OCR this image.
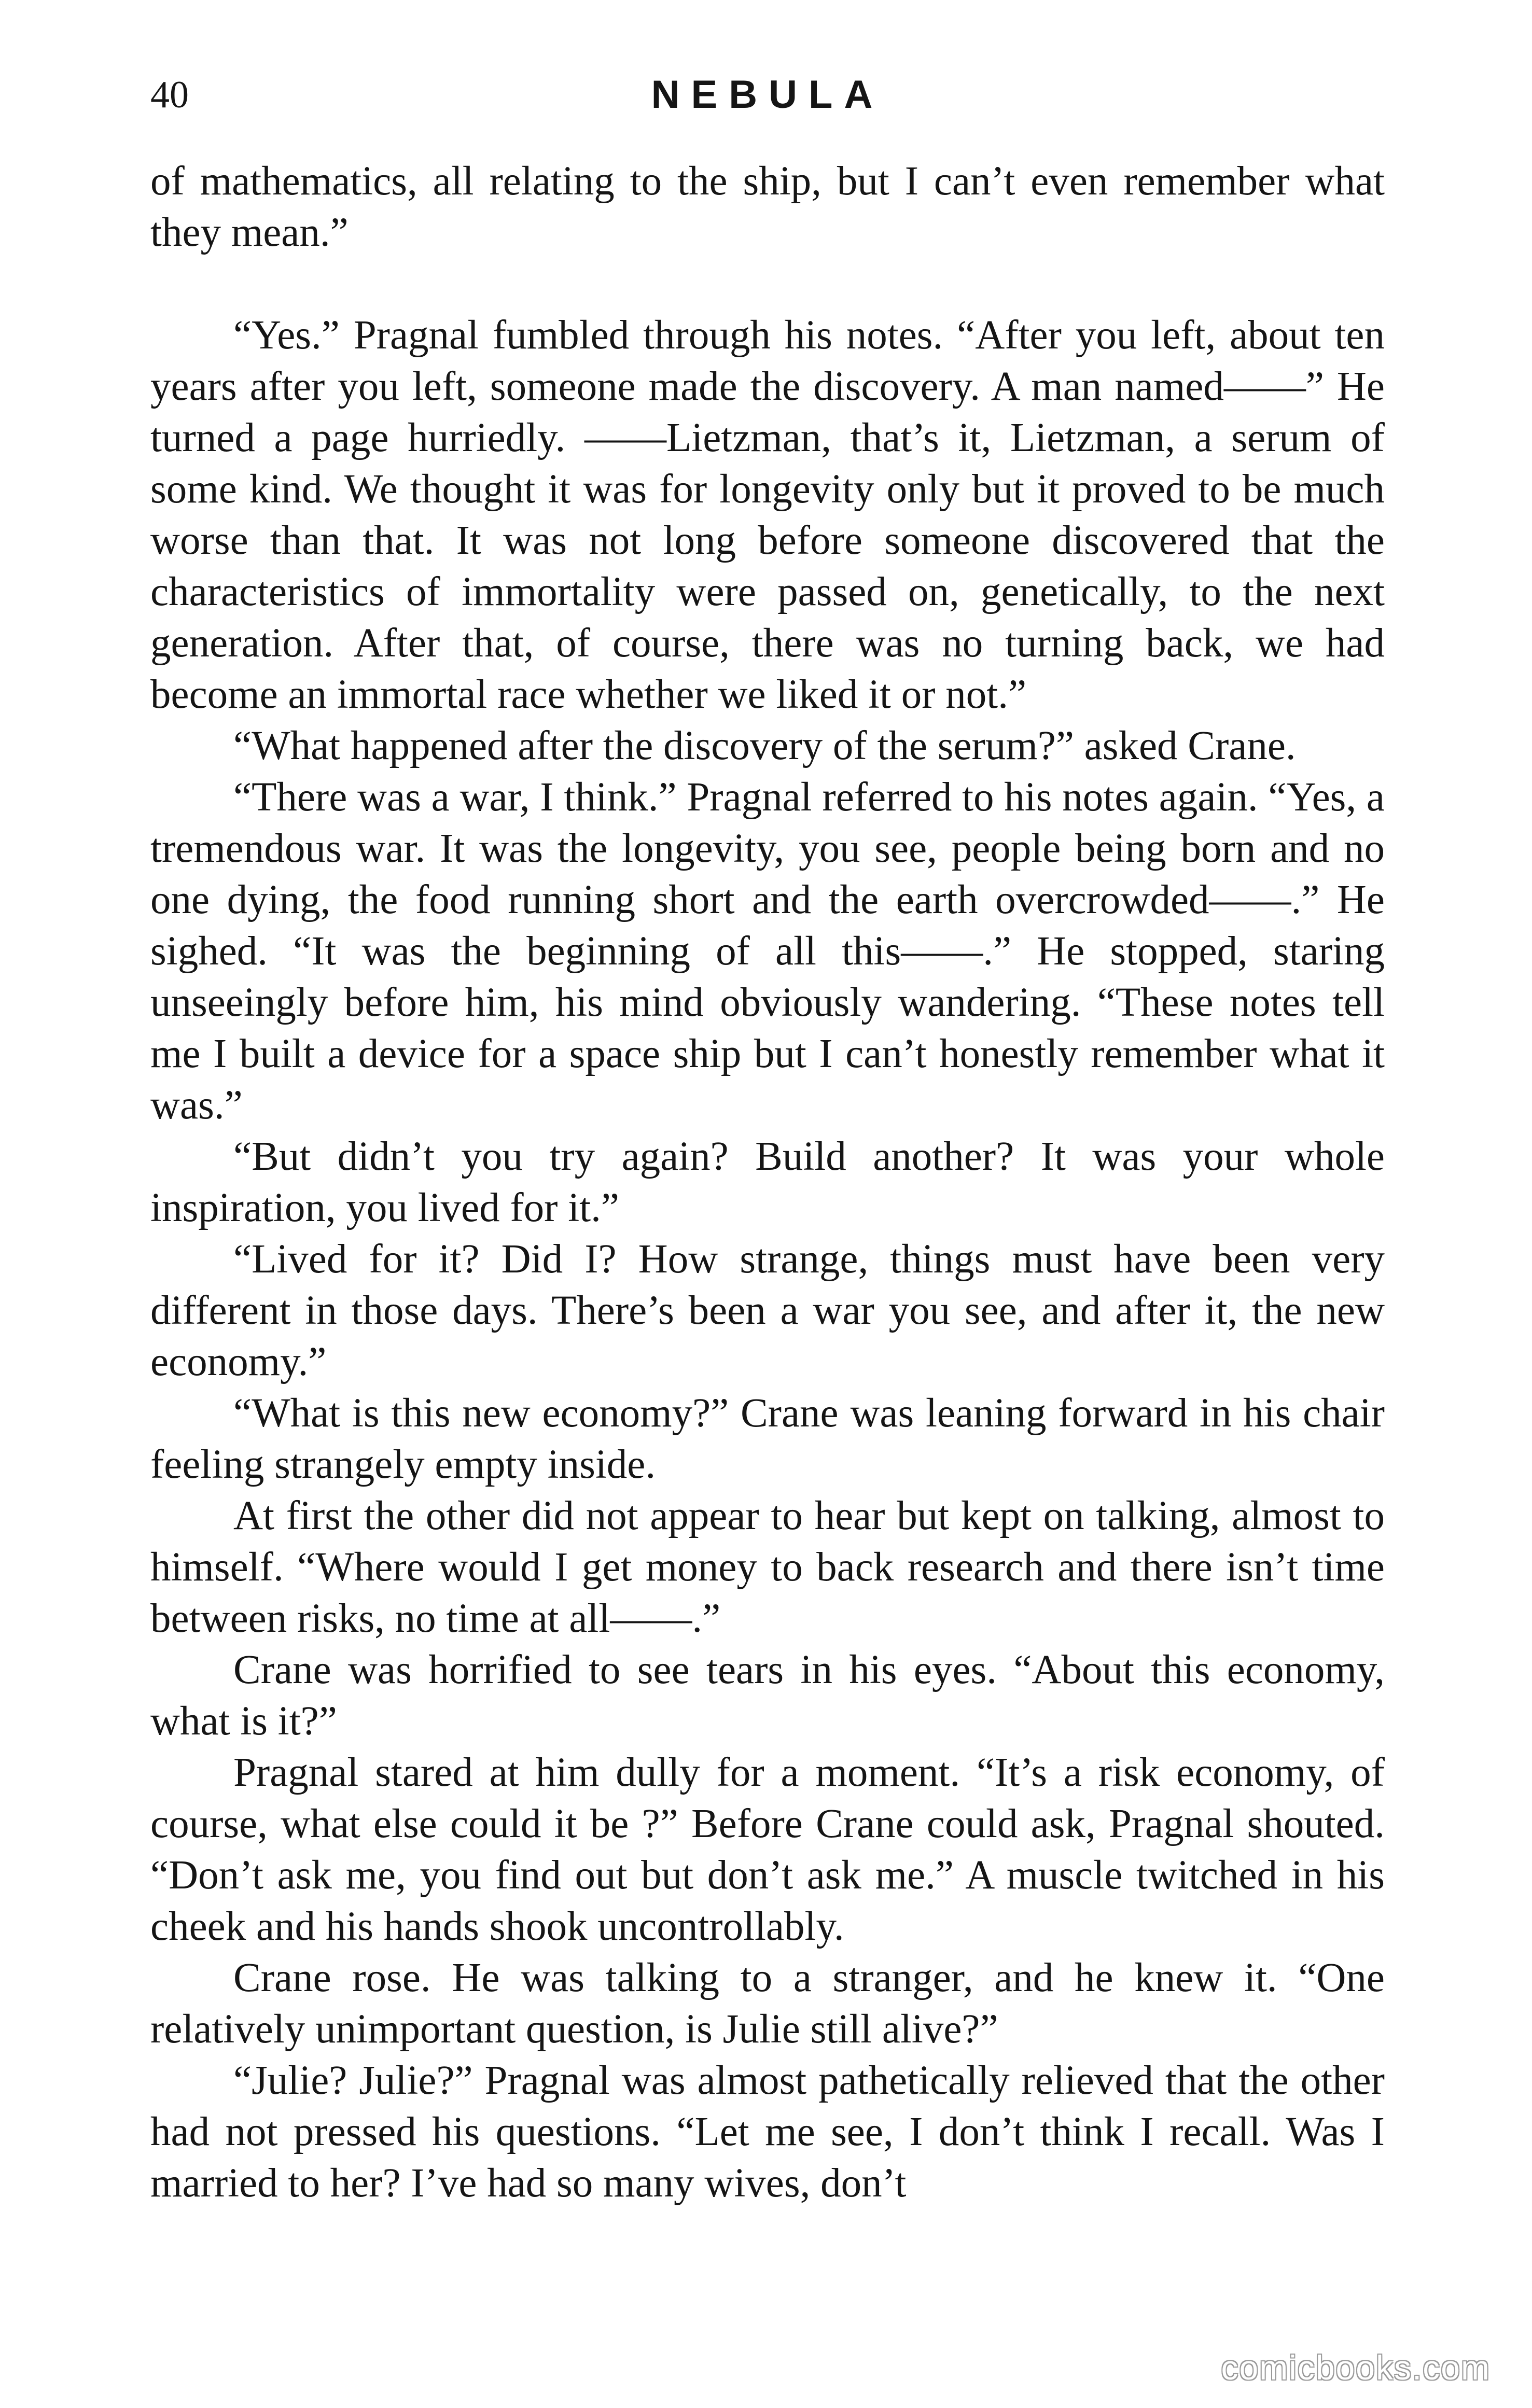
40	NEBULA

of mathematics, all relating to the ship, but I can’t even remember what they mean.”

“Yes.” Pragnal fumbled through his notes. “After you left, about ten years after you left, someone made the discovery. A man named——” He turned a page hurriedly. ——Lietzman, that’s it, Lietzman, a serum of some kind. We thought it was for longevity only but it proved to be much worse than that. It was not long before someone discovered that the characteristics of immortality were passed on, genetically, to the next generation. After that, of course, there was no turning back, we had become an immortal race whether we liked it or not.”

“What happened after the discovery of the serum?” asked Crane.

“There was a war, I think.” Pragnal referred to his notes again. “Yes, a tremendous war. It was the longevity, you see, people being born and no one dying, the food running short and the earth overcrowded——.” He sighed. “It was the beginning of all this——.” He stopped, staring unseeingly before him, his mind obviously wandering. “These notes tell me I built a device for a space ship but I can’t honestly remember what it was.”

“But didn’t you try again? Build another? It was your whole inspiration, you lived for it.”

“Lived for it? Did I? How strange, things must have been very different in those days. There’s been a war you see, and after it, the new economy.”

“What is this new economy?” Crane was leaning forward in his chair feeling strangely empty inside.

At first the other did not appear to hear but kept on talking, almost to himself. “Where would I get money to back research and there isn’t time between risks, no time at all——.”

Crane was horrified to see tears in his eyes. “About this economy, what is it?”

Pragnal stared at him dully for a moment. “It’s a risk economy, of course, what else could it be ?” Before Crane could ask, Pragnal shouted. “Don’t ask me, you find out but don’t ask me.” A muscle twitched in his cheek and his hands shook uncontrollably.

Crane rose. He was talking to a stranger, and he knew it. “One relatively unimportant question, is Julie still alive?”

“Julie? Julie?” Pragnal was almost pathetically relieved that the other had not pressed his questions. “Let me see, I don’t think I recall. Was I married to her? I’ve had so many wives, don’t

comicbooks.com
